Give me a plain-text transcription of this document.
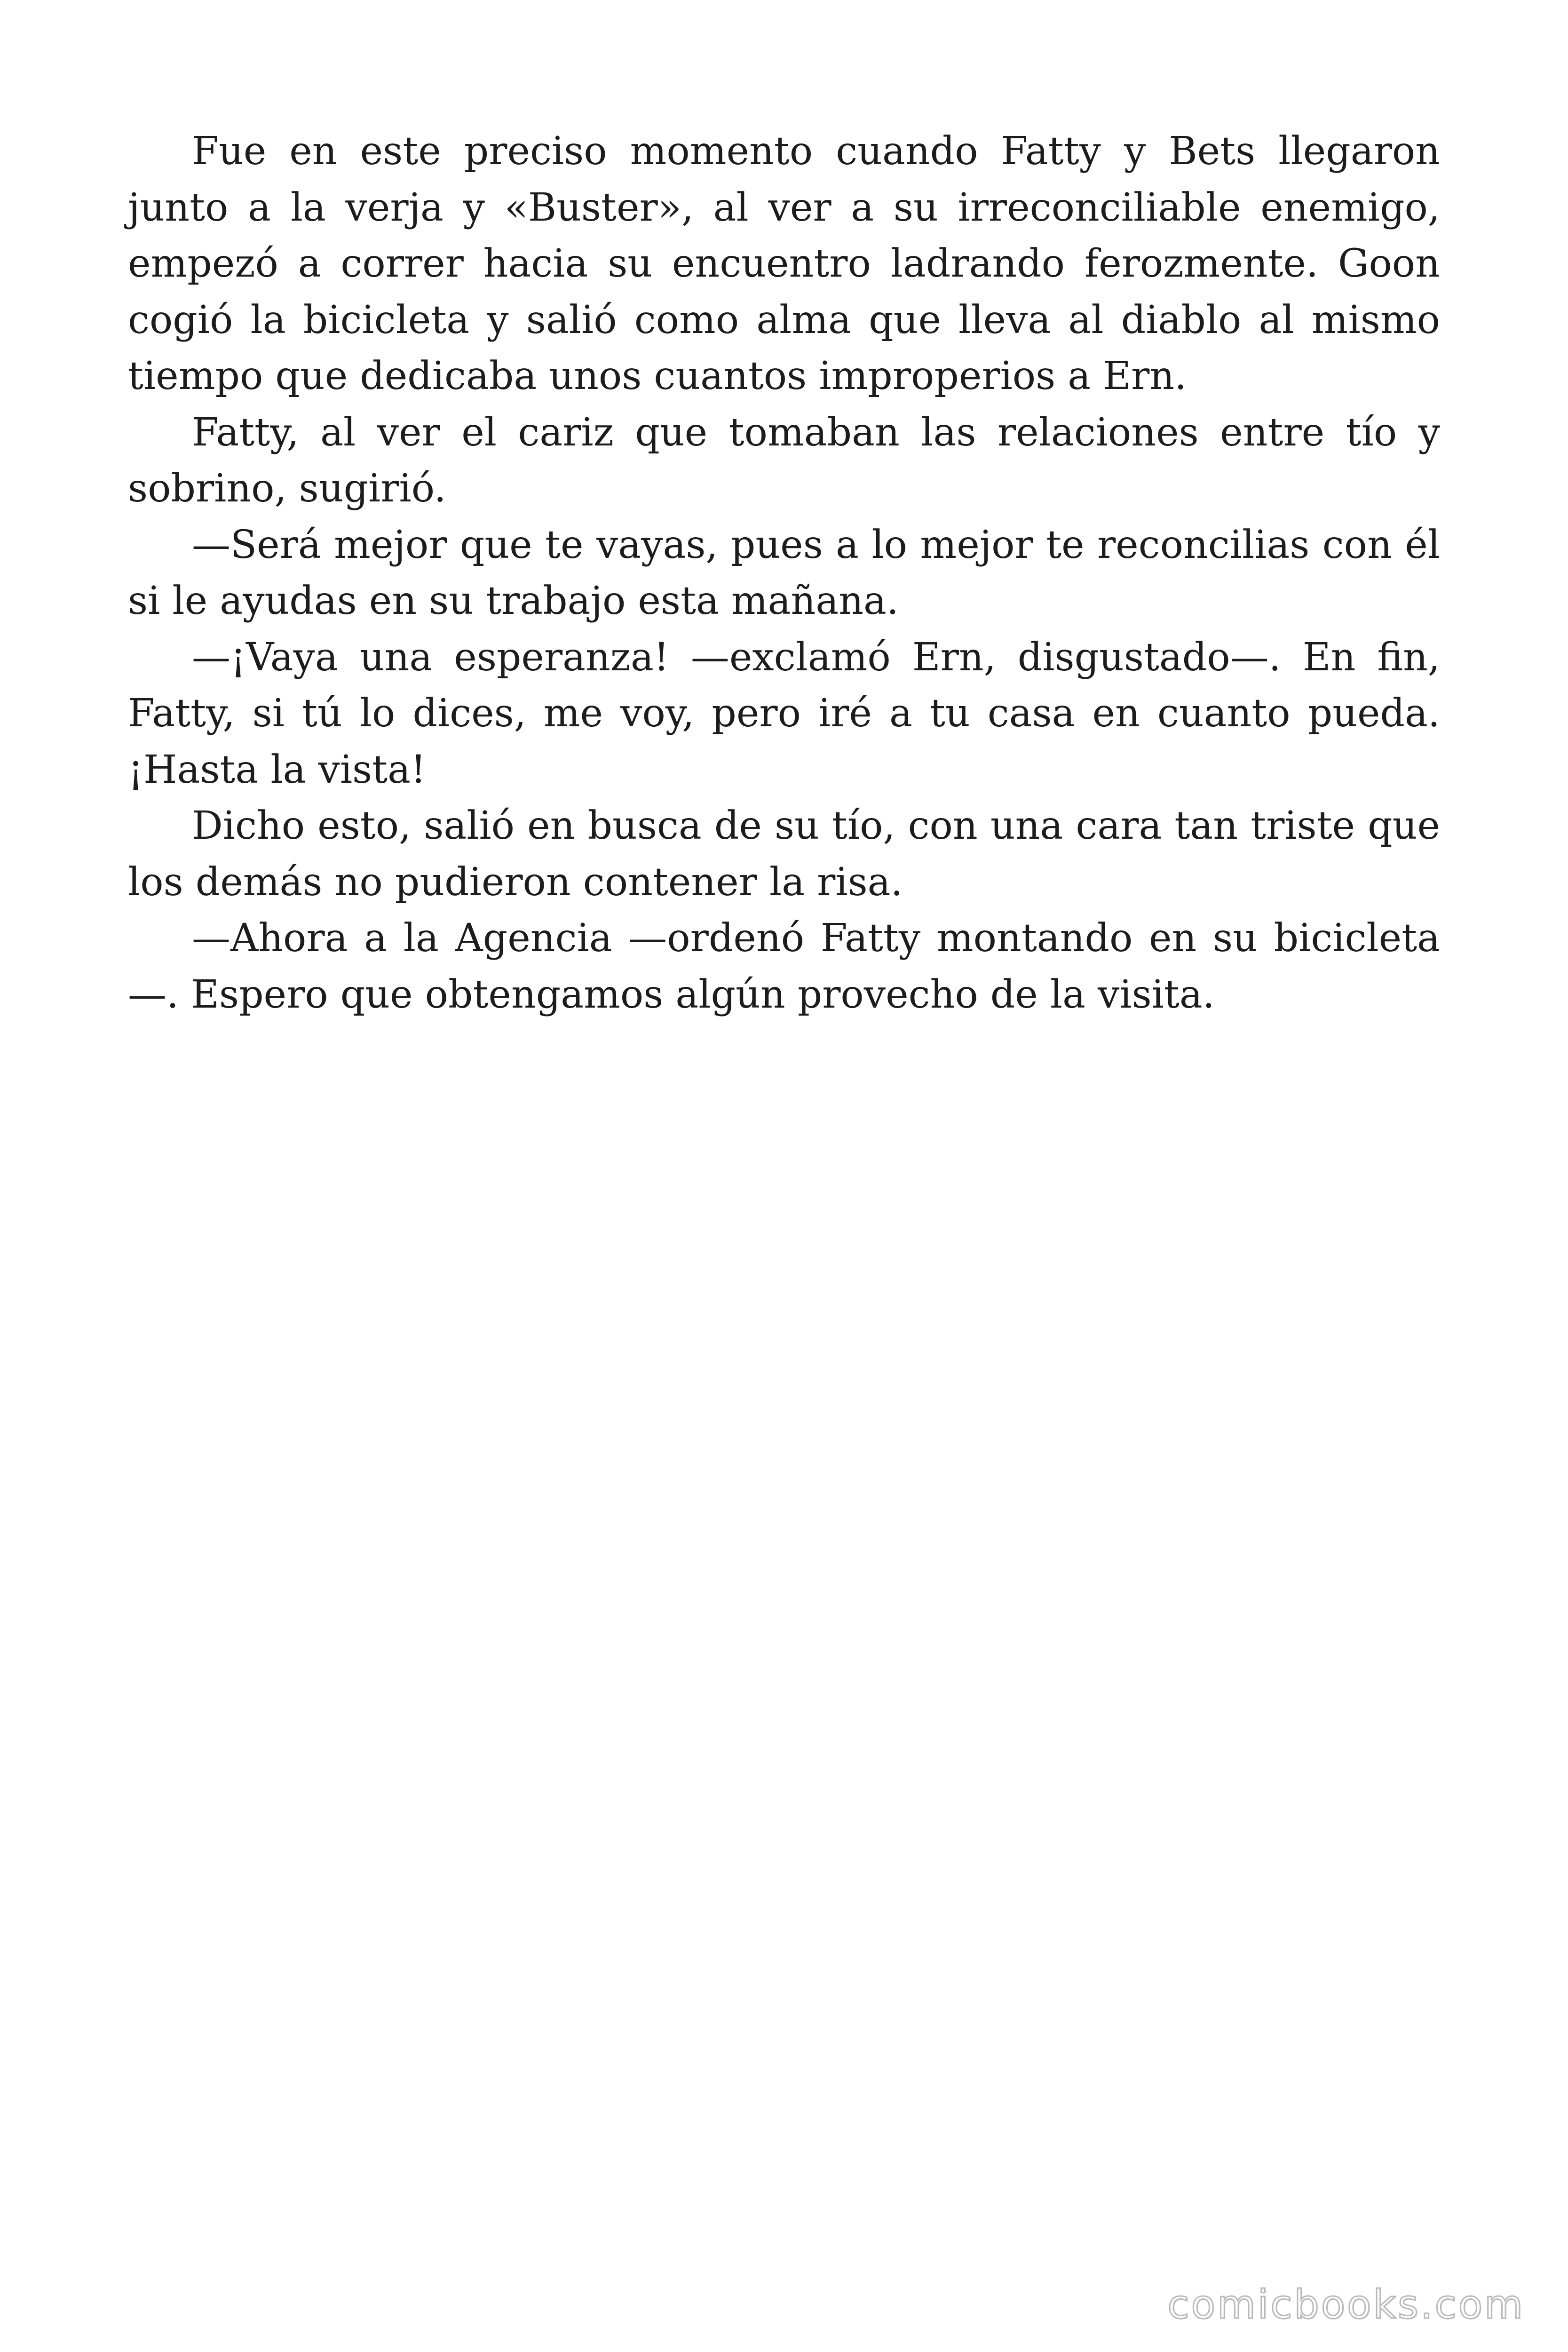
Fue en este preciso momento cuando Fatty y Bets llegaron junto a la verja y «Buster», al ver a su irreconciliable enemigo, empezó a correr hacia su encuentro ladrando ferozmente. Goon cogió la bicicleta y salió como alma que lleva al diablo al mismo tiempo que dedicaba unos cuantos improperios a Ern.

Fatty, al ver el cariz que tomaban las relaciones entre tío y sobrino, sugirió.

—Será mejor que te vayas, pues a lo mejor te reconcilias con él si le ayudas en su trabajo esta mañana.

—¡Vaya una esperanza! —exclamó Ern, disgustado—. En fin, Fatty, si tú lo dices, me voy, pero iré a tu casa en cuanto pueda. ¡Hasta la vista!

Dicho esto, salió en busca de su tío, con una cara tan triste que los demás no pudieron contener la risa.

—Ahora a la Agencia —ordenó Fatty montando en su bicicleta —. Espero que obtengamos algún provecho de la visita.

comicbooks.com
